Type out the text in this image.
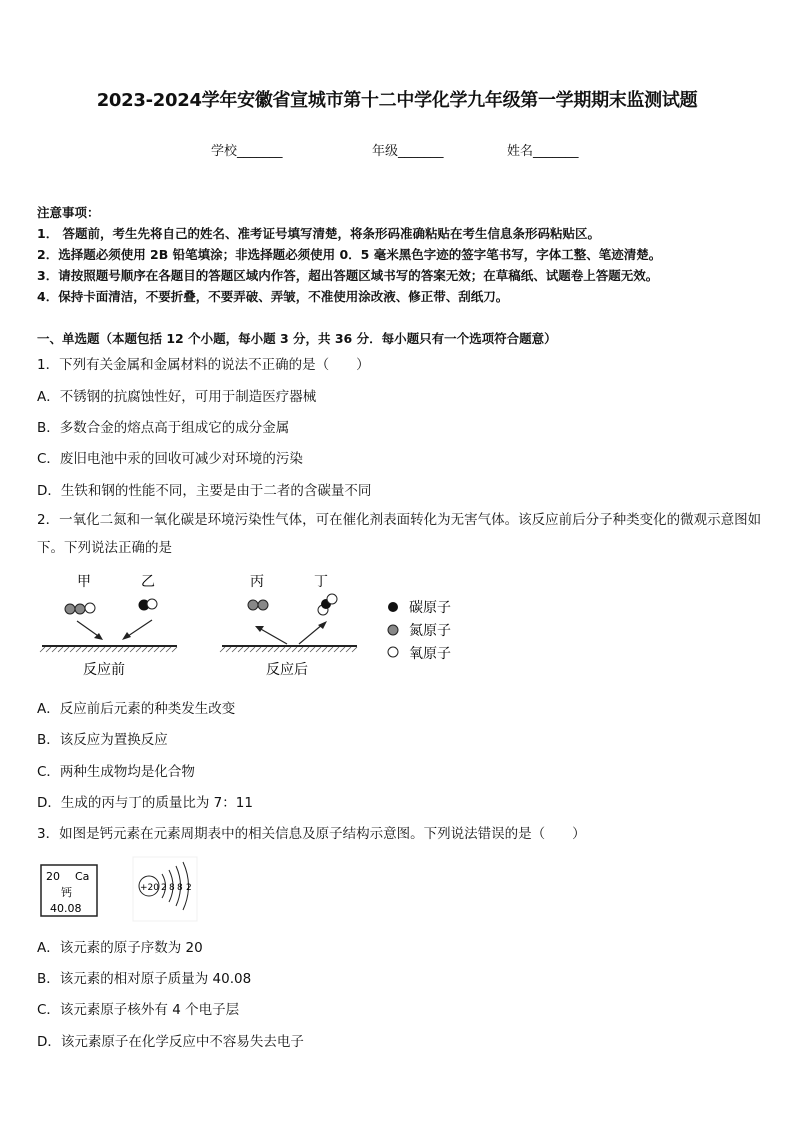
2023-2024学年安徽省宣城市第十二中学化学九年级第一学期期末监测试题
学校_______	年级_______	姓名_______
注意事项：
1． 答题前，考生先将自己的姓名、准考证号填写清楚，将条形码准确粘贴在考生信息条形码粘贴区。
2．选择题必须使用 2B 铅笔填涂；非选择题必须使用 0．5 毫米黑色字迹的签字笔书写，字体工整、笔迹清楚。
3．请按照题号顺序在各题目的答题区域内作答，超出答题区域书写的答案无效；在草稿纸、试题卷上答题无效。
4．保持卡面清洁，不要折叠，不要弄破、弄皱，不准使用涂改液、修正带、刮纸刀。
一、单选题（本题包括 12 个小题，每小题 3 分，共 36 分．每小题只有一个选项符合题意）
1．下列有关金属和金属材料的说法不正确的是（　　）
A．不锈钢的抗腐蚀性好，可用于制造医疗器械
B．多数合金的熔点高于组成它的成分金属
C．废旧电池中汞的回收可减少对环境的污染
D．生铁和钢的性能不同，主要是由于二者的含碳量不同
2．一氧化二氮和一氧化碳是环境污染性气体，可在催化剂表面转化为无害气体。该反应前后分子种类变化的微观示意图如下。下列说法正确的是
甲	乙	丙	丁
反应前	反应后
碳原子
氮原子
氧原子
A．反应前后元素的种类发生改变
B．该反应为置换反应
C．两种生成物均是化合物
D．生成的丙与丁的质量比为 7：11
3．如图是钙元素在元素周期表中的相关信息及原子结构示意图。下列说法错误的是（　　）
20 Ca
钙
40.08
+20 2 8 8 2
A．该元素的原子序数为 20
B．该元素的相对原子质量为 40.08
C．该元素原子核外有 4 个电子层
D．该元素原子在化学反应中不容易失去电子
